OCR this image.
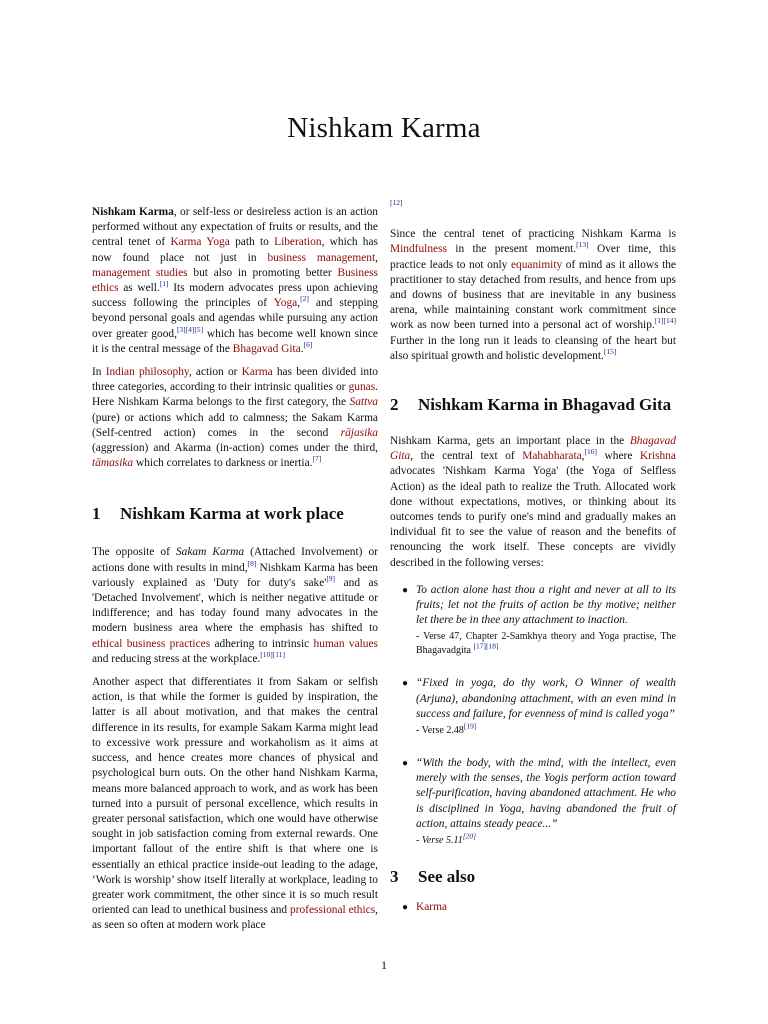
Nishkam Karma

Nishkam Karma, or self-less or desireless action is an action performed without any expectation of fruits or results, and the central tenet of Karma Yoga path to Liberation, which has now found place not just in business management, management studies but also in promoting better Business ethics as well.[1] Its modern advocates press upon achieving success following the principles of Yoga,[2] and stepping beyond personal goals and agendas while pursuing any action over greater good,[3][4][5] which has become well known since it is the central message of the Bhagavad Gita.[6]

In Indian philosophy, action or Karma has been divided into three categories, according to their intrinsic qualities or gunas. Here Nishkam Karma belongs to the first category, the Sattva (pure) or actions which add to calmness; the Sakam Karma (Self-centred action) comes in the second rājasika (aggression) and Akarma (in-action) comes under the third, tāmasika which correlates to darkness or inertia.[7]

1	Nishkam Karma at work place

The opposite of Sakam Karma (Attached Involvement) or actions done with results in mind,[8] Nishkam Karma has been variously explained as 'Duty for duty's sake'[9] and as 'Detached Involvement', which is neither negative attitude or indifference; and has today found many advocates in the modern business area where the emphasis has shifted to ethical business practices adhering to intrinsic human values and reducing stress at the workplace.[10][11]

Another aspect that differentiates it from Sakam or selfish action, is that while the former is guided by inspiration, the latter is all about motivation, and that makes the central difference in its results, for example Sakam Karma might lead to excessive work pressure and workaholism as it aims at success, and hence creates more chances of physical and psychological burn outs. On the other hand Nishkam Karma, means more balanced approach to work, and as work has been turned into a pursuit of personal excellence, which results in greater personal satisfaction, which one would have otherwise sought in job satisfaction coming from external rewards. One important fallout of the entire shift is that where one is essentially an ethical practice inside-out leading to the adage, ‘Work is worship’ show itself literally at workplace, leading to greater work commitment, the other since it is so much result oriented can lead to unethical business and professional ethics, as seen so often at modern work place

[12]

Since the central tenet of practicing Nishkam Karma is Mindfulness in the present moment.[13] Over time, this practice leads to not only equanimity of mind as it allows the practitioner to stay detached from results, and hence from ups and downs of business that are inevitable in any business arena, while maintaining constant work commitment since work as now been turned into a personal act of worship.[1][14] Further in the long run it leads to cleansing of the heart but also spiritual growth and holistic development.[15]

2	Nishkam Karma in Bhagavad Gita

Nishkam Karma, gets an important place in the Bhagavad Gita, the central text of Mahabharata,[16] where Krishna advocates 'Nishkam Karma Yoga' (the Yoga of Selfless Action) as the ideal path to realize the Truth. Allocated work done without expectations, motives, or thinking about its outcomes tends to purify one's mind and gradually makes an individual fit to see the value of reason and the benefits of renouncing the work itself. These concepts are vividly described in the following verses:

● To action alone hast thou a right and never at all to its fruits; let not the fruits of action be thy motive; neither let there be in thee any attachment to inaction.
- Verse 47, Chapter 2-Samkhya theory and Yoga practise, The Bhagavadgita [17][18]
● “Fixed in yoga, do thy work, O Winner of wealth (Arjuna), abandoning attachment, with an even mind in success and failure, for evenness of mind is called yoga”
- Verse 2.48[19]
● “With the body, with the mind, with the intellect, even merely with the senses, the Yogis perform action toward self-purification, having abandoned attachment. He who is disciplined in Yoga, having abandoned the fruit of action, attains steady peace...”
- Verse 5.11[20]
3	See also
● Karma
1
